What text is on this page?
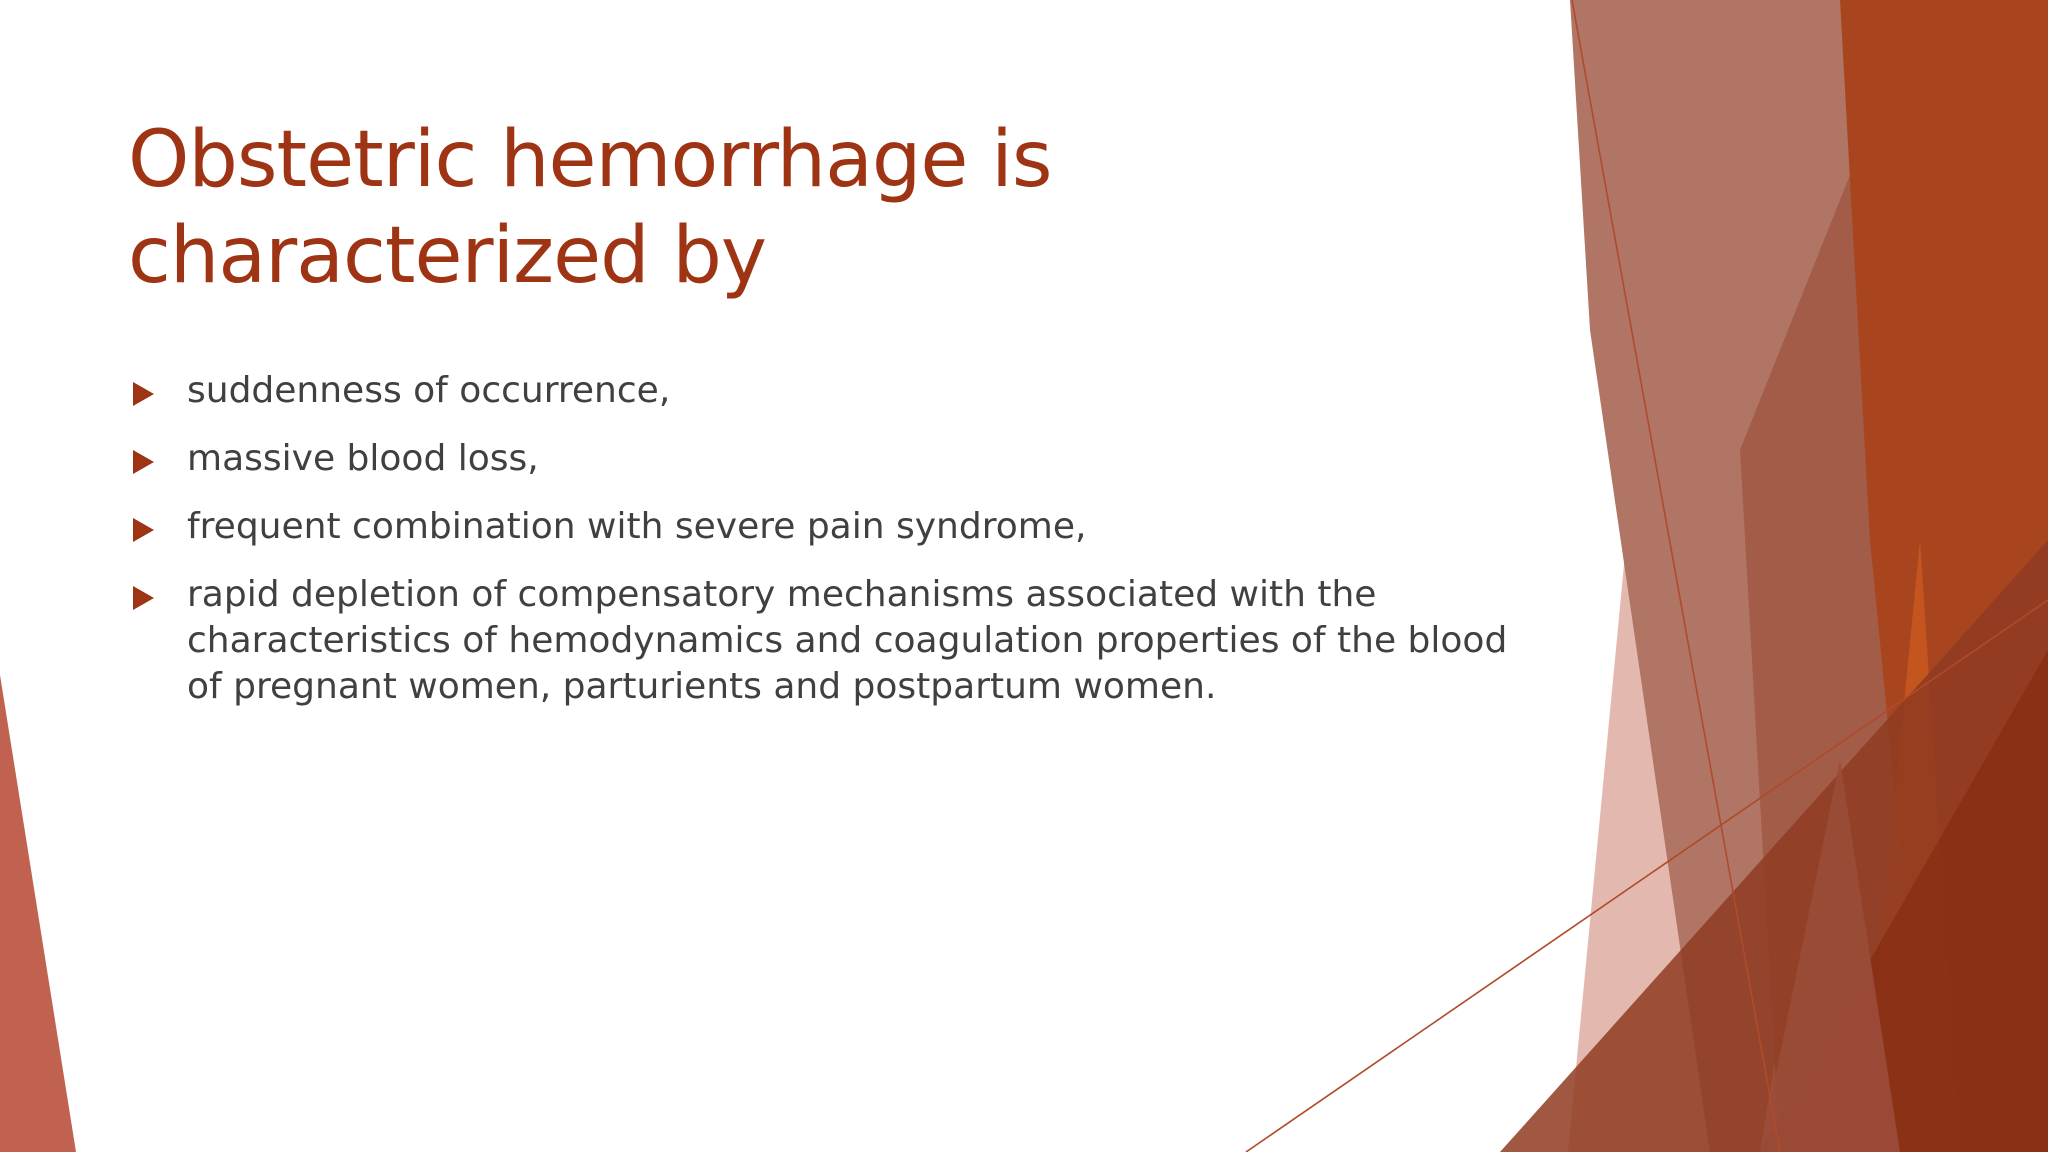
Obstetric hemorrhage is characterized by
suddenness of occurrence,
massive blood loss,
frequent combination with severe pain syndrome,
rapid depletion of compensatory mechanisms associated with the characteristics of hemodynamics and coagulation properties of the blood of pregnant women, parturients and postpartum women.
